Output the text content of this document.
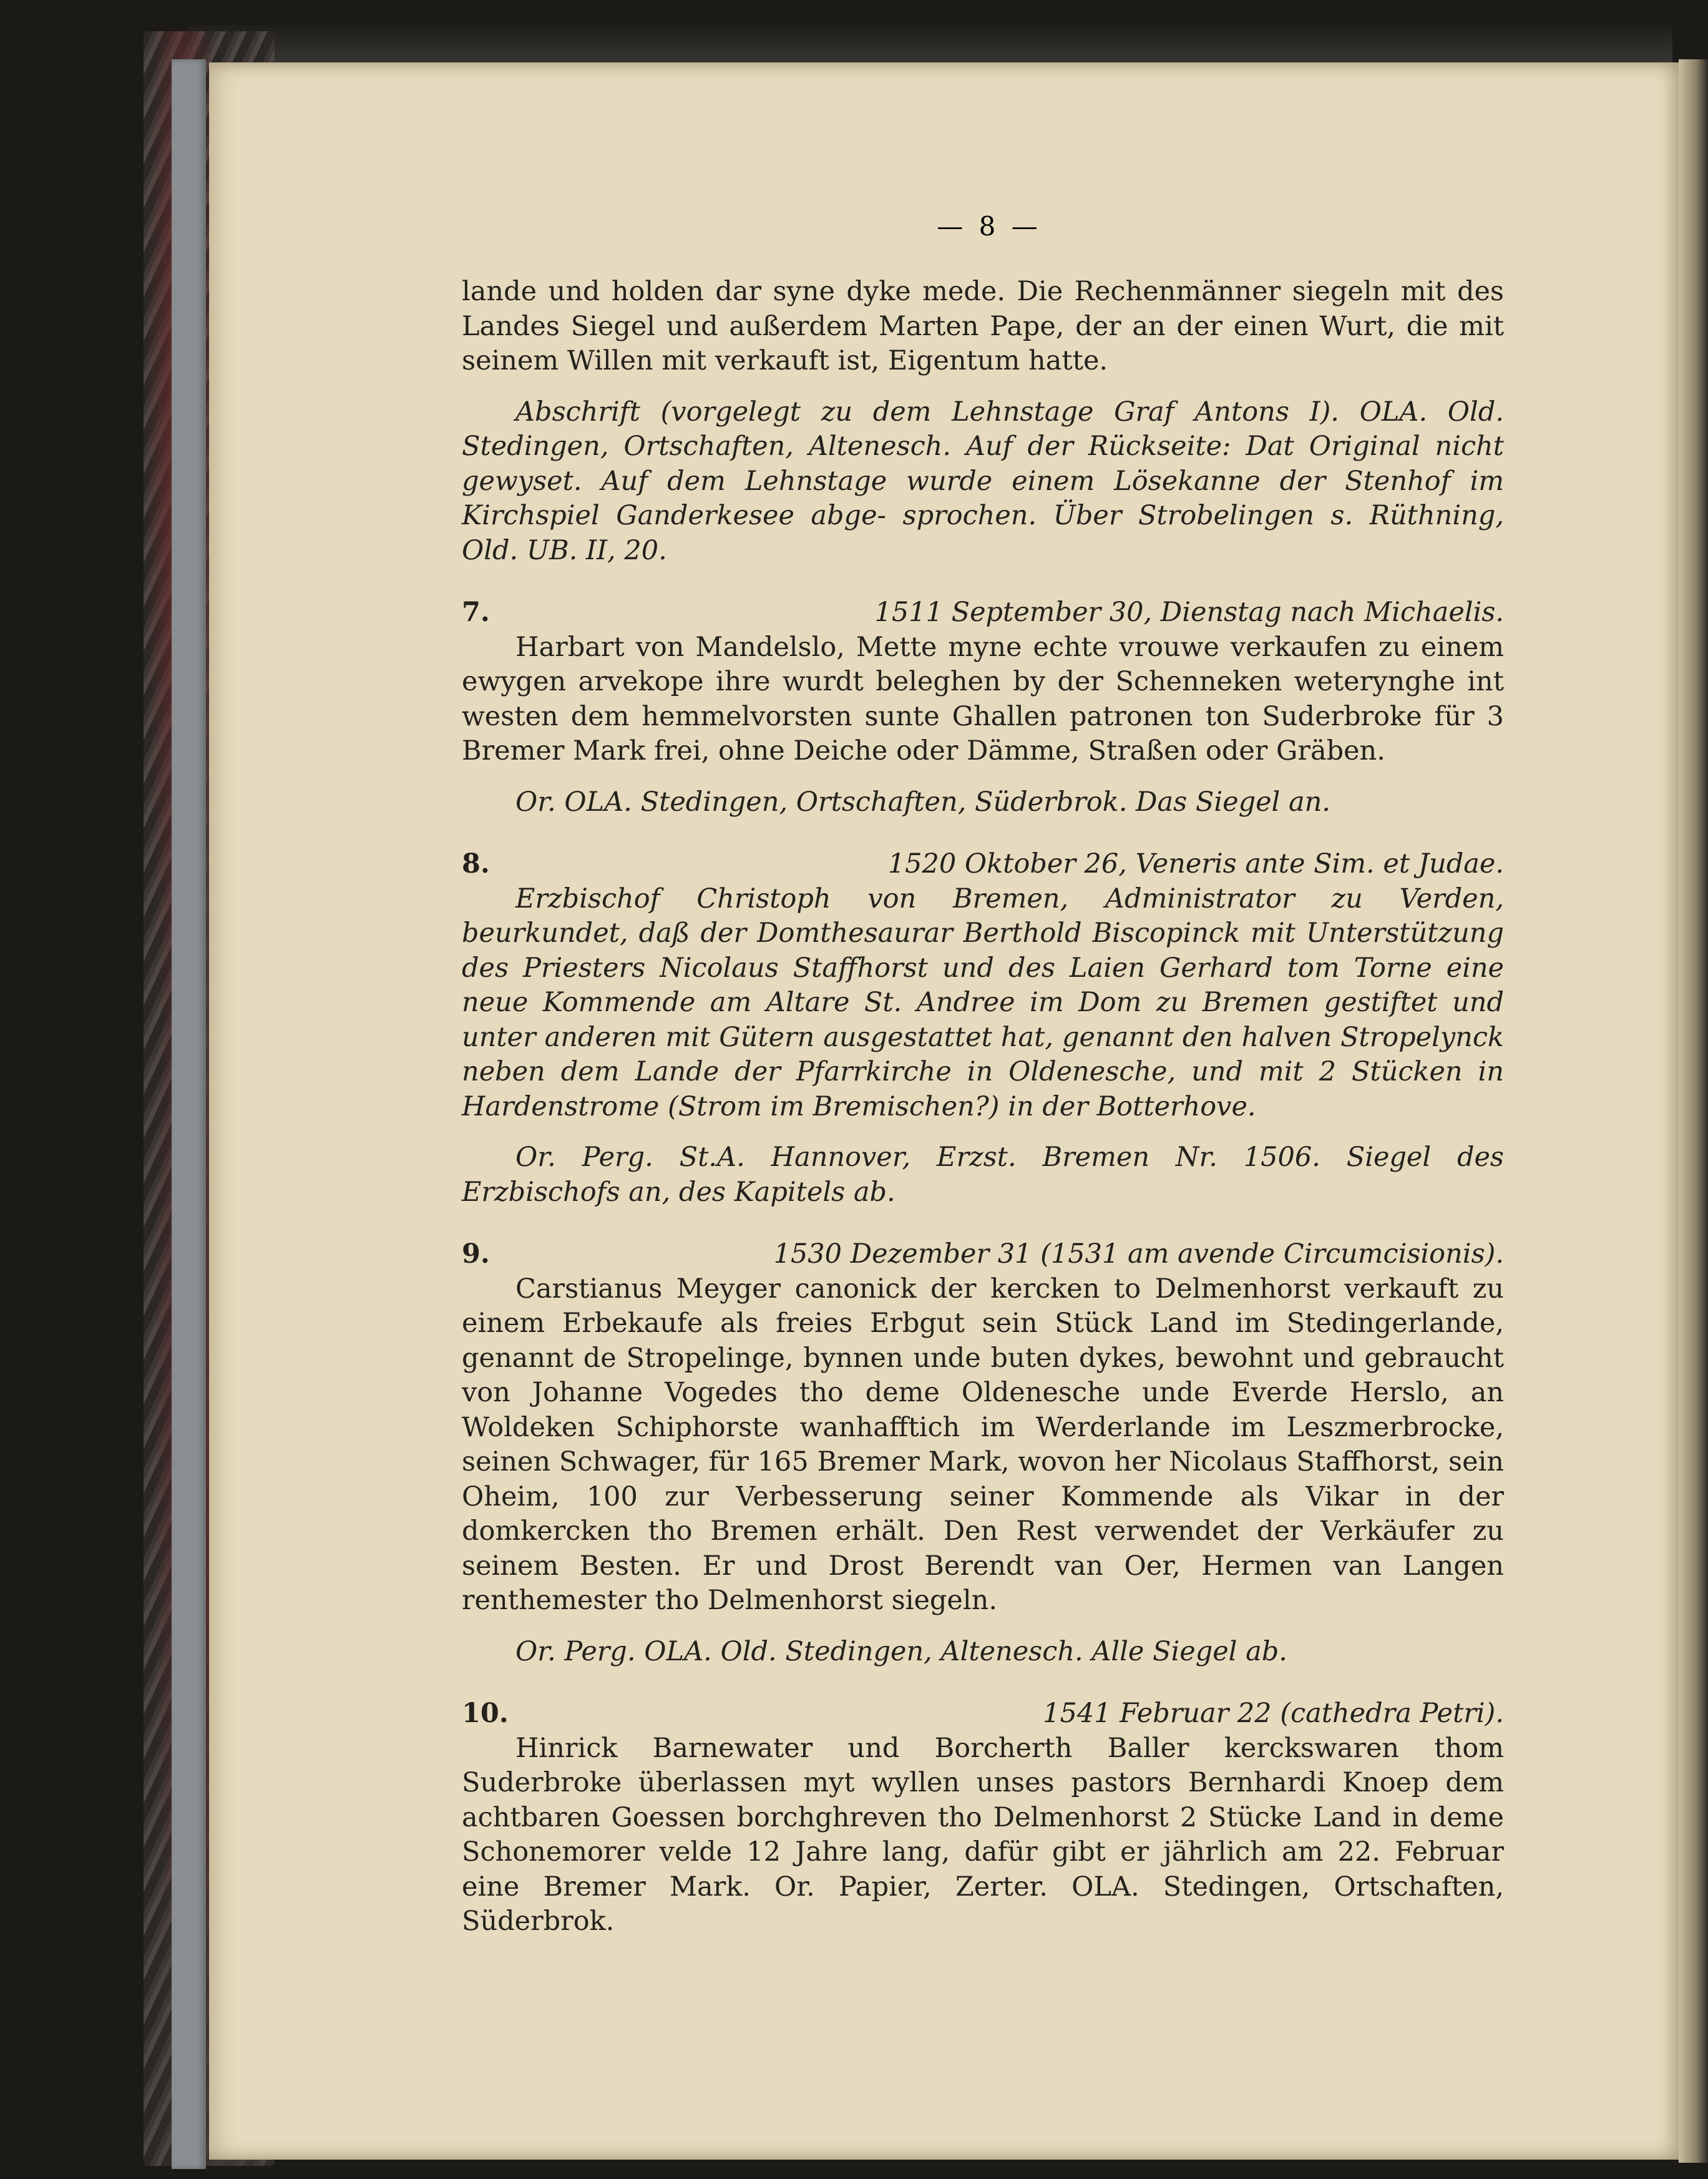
— 8 —

lande und holden dar syne dyke mede. Die Rechenmänner siegeln mit des Landes Siegel und außerdem Marten Pape, der an der einen Wurt, die mit seinem Willen mit verkauft ist, Eigentum hatte.

Abschrift (vorgelegt zu dem Lehnstage Graf Antons I). OLA. Old. Stedingen, Ortschaften, Altenesch. Auf der Rückseite: Dat Original nicht gewyset. Auf dem Lehnstage wurde einem Lösekanne der Stenhof im Kirchspiel Ganderkesee abge- sprochen. Über Strobelingen s. Rüthning, Old. UB. II, 20.

7.	1511 September 30, Dienstag nach Michaelis.

Harbart von Mandelslo, Mette myne echte vrouwe verkaufen zu einem ewygen arvekope ihre wurdt beleghen by der Schenneken weterynghe int westen dem hemmelvorsten sunte Ghallen patronen ton Suderbroke für 3 Bremer Mark frei, ohne Deiche oder Dämme, Straßen oder Gräben.

Or. OLA. Stedingen, Ortschaften, Süderbrok. Das Siegel an.

8.	1520 Oktober 26, Veneris ante Sim. et Judae.

Erzbischof Christoph von Bremen, Administrator zu Verden, beurkundet, daß der Domthesaurar Berthold Biscopinck mit Unterstützung des Priesters Nicolaus Staffhorst und des Laien Gerhard tom Torne eine neue Kommende am Altare St. Andree im Dom zu Bremen gestiftet und unter anderen mit Gütern ausgestattet hat, genannt den halven Stropelynck neben dem Lande der Pfarrkirche in Oldenesche, und mit 2 Stücken in Hardenstrome (Strom im Bremischen?) in der Botterhove.

Or. Perg. St.A. Hannover, Erzst. Bremen Nr. 1506. Siegel des Erzbischofs an, des Kapitels ab.

9.	1530 Dezember 31 (1531 am avende Circumcisionis).

Carstianus Meyger canonick der kercken to Delmenhorst verkauft zu einem Erbekaufe als freies Erbgut sein Stück Land im Stedingerlande, genannt de Stropelinge, bynnen unde buten dykes, bewohnt und gebraucht von Johanne Vogedes tho deme Oldenesche unde Everde Herslo, an Woldeken Schiphorste wanhafftich im Werderlande im Leszmerbrocke, seinen Schwager, für 165 Bremer Mark, wovon her Nicolaus Staffhorst, sein Oheim, 100 zur Verbesserung seiner Kommende als Vikar in der domkercken tho Bremen erhält. Den Rest verwendet der Verkäufer zu seinem Besten. Er und Drost Berendt van Oer, Hermen van Langen renthemester tho Delmenhorst siegeln.

Or. Perg. OLA. Old. Stedingen, Altenesch. Alle Siegel ab.

10.	1541 Februar 22 (cathedra Petri).

Hinrick Barnewater und Borcherth Baller kerckswaren thom Suderbroke überlassen myt wyllen unses pastors Bernhardi Knoep dem achtbaren Goessen borchghreven tho Delmenhorst 2 Stücke Land in deme Schonemorer velde 12 Jahre lang, dafür gibt er jährlich am 22. Februar eine Bremer Mark. Or. Papier, Zerter. OLA. Stedingen, Ortschaften, Süderbrok.
